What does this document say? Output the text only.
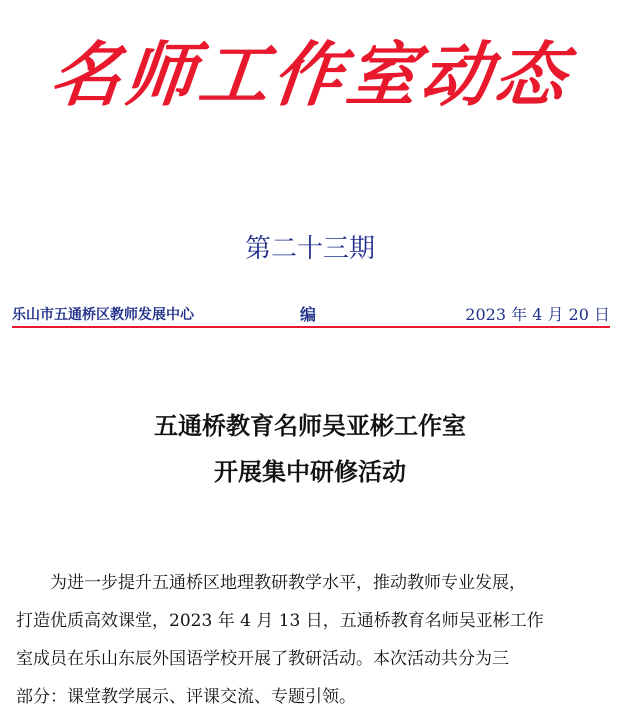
名师工作室动态
第二十三期
乐山市五通桥区教师发展中心	编	2023 年 4 月 20 日
五通桥教育名师吴亚彬工作室
开展集中研修活动
　　为进一步提升五通桥区地理教研教学水平，推动教师专业发展，
打造优质高效课堂，2023 年 4 月 13 日，五通桥教育名师吴亚彬工作
室成员在乐山东辰外国语学校开展了教研活动。本次活动共分为三
部分：课堂教学展示、评课交流、专题引领。
